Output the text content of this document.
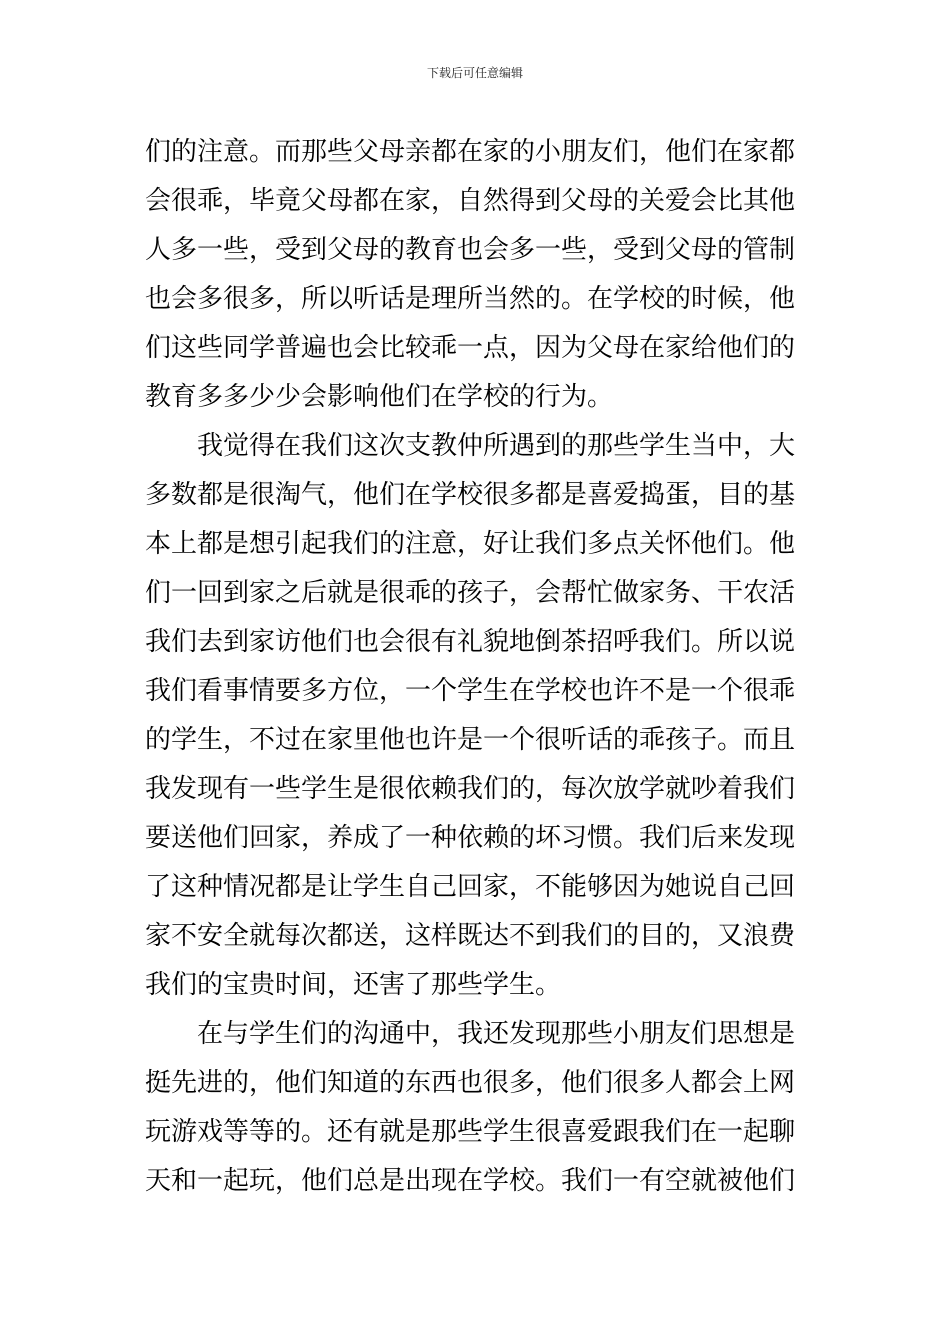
下载后可任意编辑
们的注意。而那些父母亲都在家的小朋友们，他们在家都
会很乖，毕竟父母都在家，自然得到父母的关爱会比其他
人多一些，受到父母的教育也会多一些，受到父母的管制
也会多很多，所以听话是理所当然的。在学校的时候，他
们这些同学普遍也会比较乖一点，因为父母在家给他们的
教育多多少少会影响他们在学校的行为。
我觉得在我们这次支教仲所遇到的那些学生当中，大
多数都是很淘气，他们在学校很多都是喜爱捣蛋，目的基
本上都是想引起我们的注意，好让我们多点关怀他们。他
们一回到家之后就是很乖的孩子，会帮忙做家务、干农活
我们去到家访他们也会很有礼貌地倒茶招呼我们。所以说
我们看事情要多方位，一个学生在学校也许不是一个很乖
的学生，不过在家里他也许是一个很听话的乖孩子。而且
我发现有一些学生是很依赖我们的，每次放学就吵着我们
要送他们回家，养成了一种依赖的坏习惯。我们后来发现
了这种情况都是让学生自己回家，不能够因为她说自己回
家不安全就每次都送，这样既达不到我们的目的，又浪费
我们的宝贵时间，还害了那些学生。
在与学生们的沟通中，我还发现那些小朋友们思想是
挺先进的，他们知道的东西也很多，他们很多人都会上网
玩游戏等等的。还有就是那些学生很喜爱跟我们在一起聊
天和一起玩，他们总是出现在学校。我们一有空就被他们
